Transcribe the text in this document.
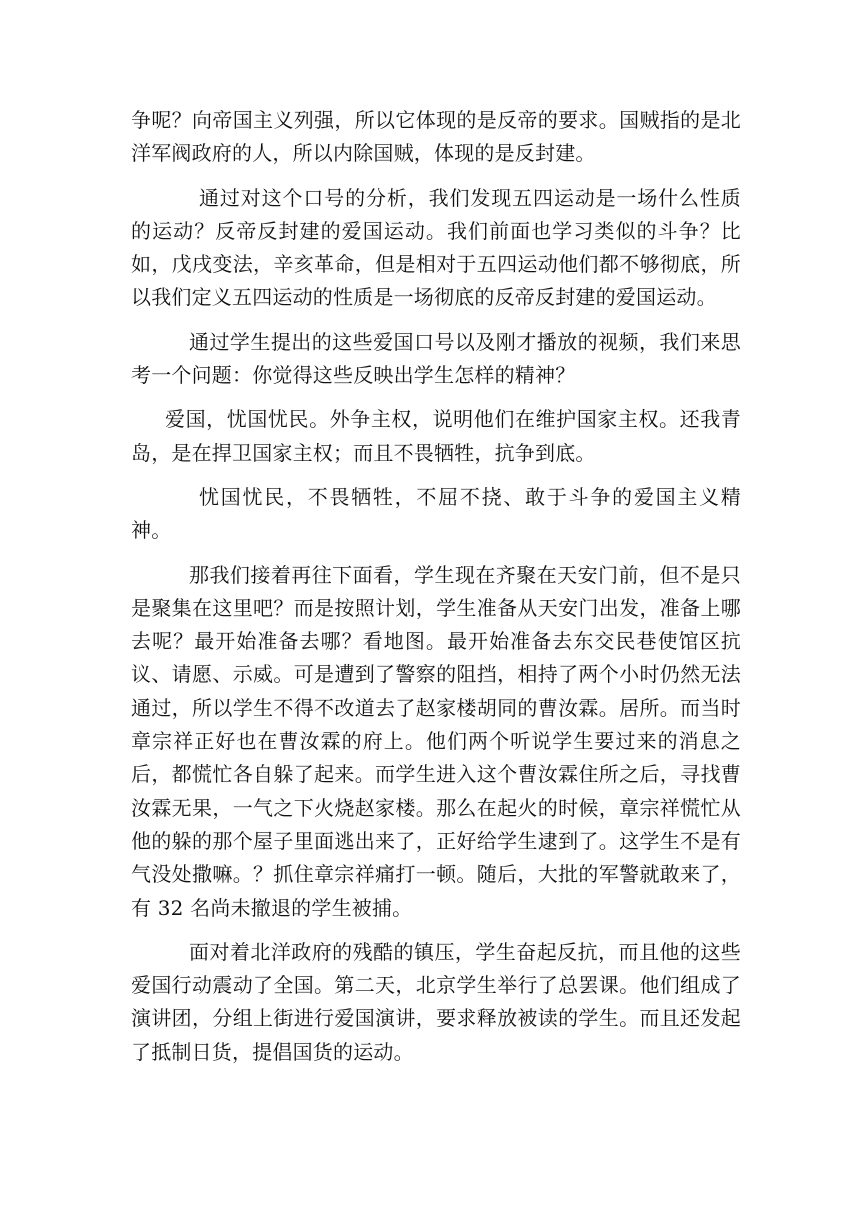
争呢？向帝国主义列强，所以它体现的是反帝的要求。国贼指的是北洋军阀政府的人，所以内除国贼，体现的是反封建。

通过对这个口号的分析，我们发现五四运动是一场什么性质的运动？反帝反封建的爱国运动。我们前面也学习类似的斗争？比如，戊戌变法，辛亥革命，但是相对于五四运动他们都不够彻底，所以我们定义五四运动的性质是一场彻底的反帝反封建的爱国运动。

通过学生提出的这些爱国口号以及刚才播放的视频，我们来思考一个问题：你觉得这些反映出学生怎样的精神？

爱国，忧国忧民。外争主权，说明他们在维护国家主权。还我青岛，是在捍卫国家主权；而且不畏牺牲，抗争到底。

忧国忧民，不畏牺牲，不屈不挠、敢于斗争的爱国主义精神。

那我们接着再往下面看，学生现在齐聚在天安门前，但不是只是聚集在这里吧？而是按照计划，学生准备从天安门出发，准备上哪去呢？最开始准备去哪？看地图。最开始准备去东交民巷使馆区抗议、请愿、示威。可是遭到了警察的阻挡，相持了两个小时仍然无法通过，所以学生不得不改道去了赵家楼胡同的曹汝霖。居所。而当时章宗祥正好也在曹汝霖的府上。他们两个听说学生要过来的消息之后，都慌忙各自躲了起来。而学生进入这个曹汝霖住所之后，寻找曹汝霖无果，一气之下火烧赵家楼。那么在起火的时候，章宗祥慌忙从他的躲的那个屋子里面逃出来了，正好给学生逮到了。这学生不是有气没处撒嘛。？抓住章宗祥痛打一顿。随后，大批的军警就敢来了，有 32 名尚未撤退的学生被捕。

面对着北洋政府的残酷的镇压，学生奋起反抗，而且他的这些爱国行动震动了全国。第二天，北京学生举行了总罢课。他们组成了演讲团，分组上街进行爱国演讲，要求释放被读的学生。而且还发起了抵制日货，提倡国货的运动。
